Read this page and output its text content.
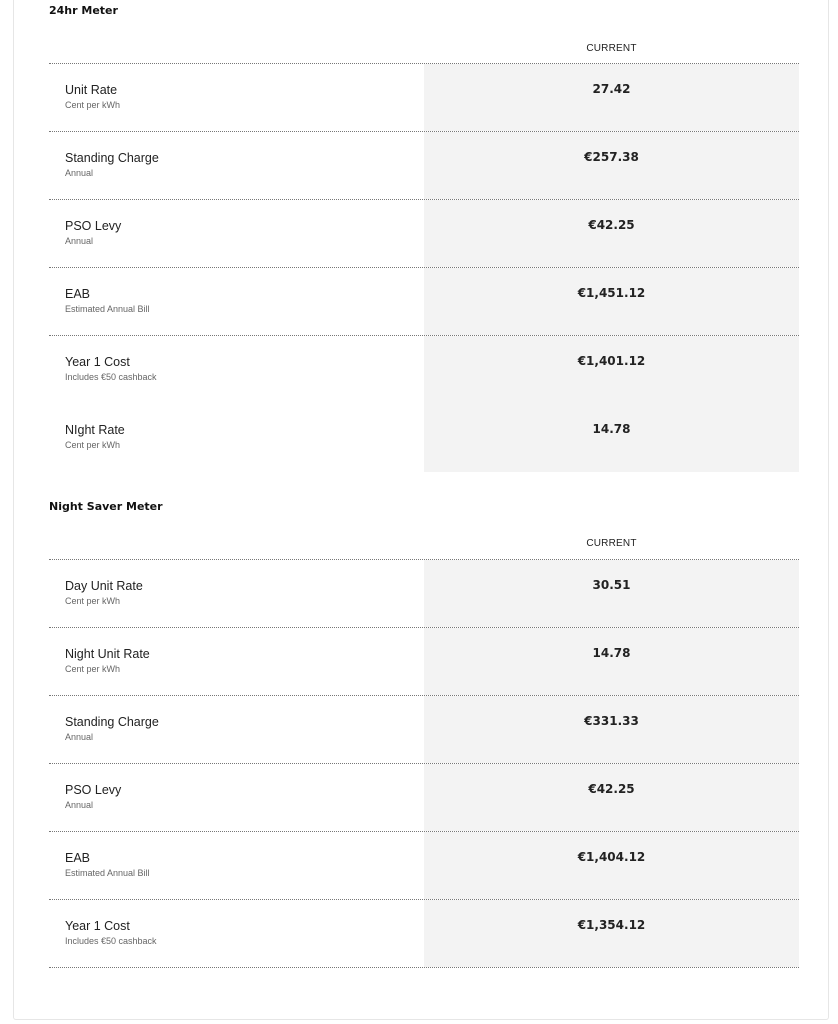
24hr Meter
CURRENT
Unit Rate
Cent per kWh
27.42
Standing Charge
Annual
€257.38
PSO Levy
Annual
€42.25
EAB
Estimated Annual Bill
€1,451.12
Year 1 Cost
Includes €50 cashback
€1,401.12
NIght Rate
Cent per kWh
14.78
Night Saver Meter
CURRENT
Day Unit Rate
Cent per kWh
30.51
Night Unit Rate
Cent per kWh
14.78
Standing Charge
Annual
€331.33
PSO Levy
Annual
€42.25
EAB
Estimated Annual Bill
€1,404.12
Year 1 Cost
Includes €50 cashback
€1,354.12
